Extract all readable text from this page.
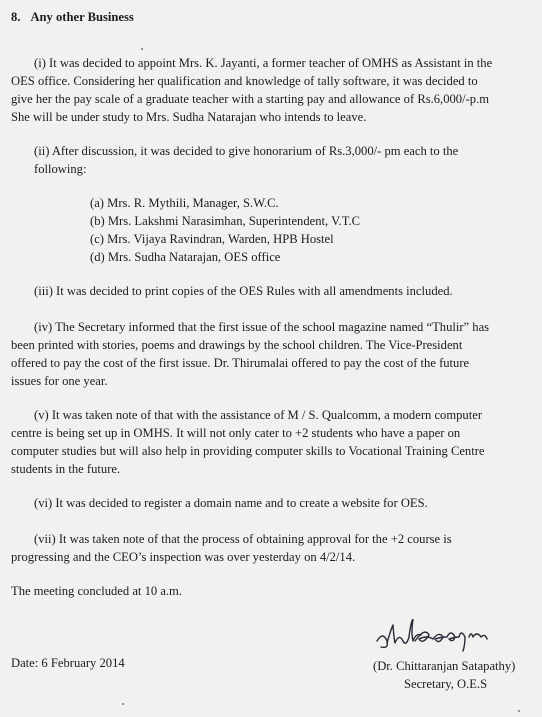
8. Any other Business
(i) It was decided to appoint Mrs. K. Jayanti, a former teacher of OMHS as Assistant in the
OES office. Considering her qualification and knowledge of tally software, it was decided to
give her the pay scale of a graduate teacher with a starting pay and allowance of Rs.6,000/-p.m
She will be under study to Mrs. Sudha Natarajan who intends to leave.
(ii) After discussion, it was decided to give honorarium of Rs.3,000/- pm each to the
following:
(a) Mrs. R. Mythili, Manager, S.W.C.
(b) Mrs. Lakshmi Narasimhan, Superintendent, V.T.C
(c) Mrs. Vijaya Ravindran, Warden, HPB Hostel
(d) Mrs. Sudha Natarajan, OES office
(iii) It was decided to print copies of the OES Rules with all amendments included.
(iv) The Secretary informed that the first issue of the school magazine named “Thulir” has
been printed with stories, poems and drawings by the school children. The Vice-President
offered to pay the cost of the first issue. Dr. Thirumalai offered to pay the cost of the future
issues for one year.
(v) It was taken note of that with the assistance of M / S. Qualcomm, a modern computer
centre is being set up in OMHS. It will not only cater to +2 students who have a paper on
computer studies but will also help in providing computer skills to Vocational Training Centre
students in the future.
(vi) It was decided to register a domain name and to create a website for OES.
(vii) It was taken note of that the process of obtaining approval for the +2 course is
progressing and the CEO’s inspection was over yesterday on 4/2/14.
The meeting concluded at 10 a.m.
Date: 6 February 2014	(Dr. Chittaranjan Satapathy)
Secretary, O.E.S
